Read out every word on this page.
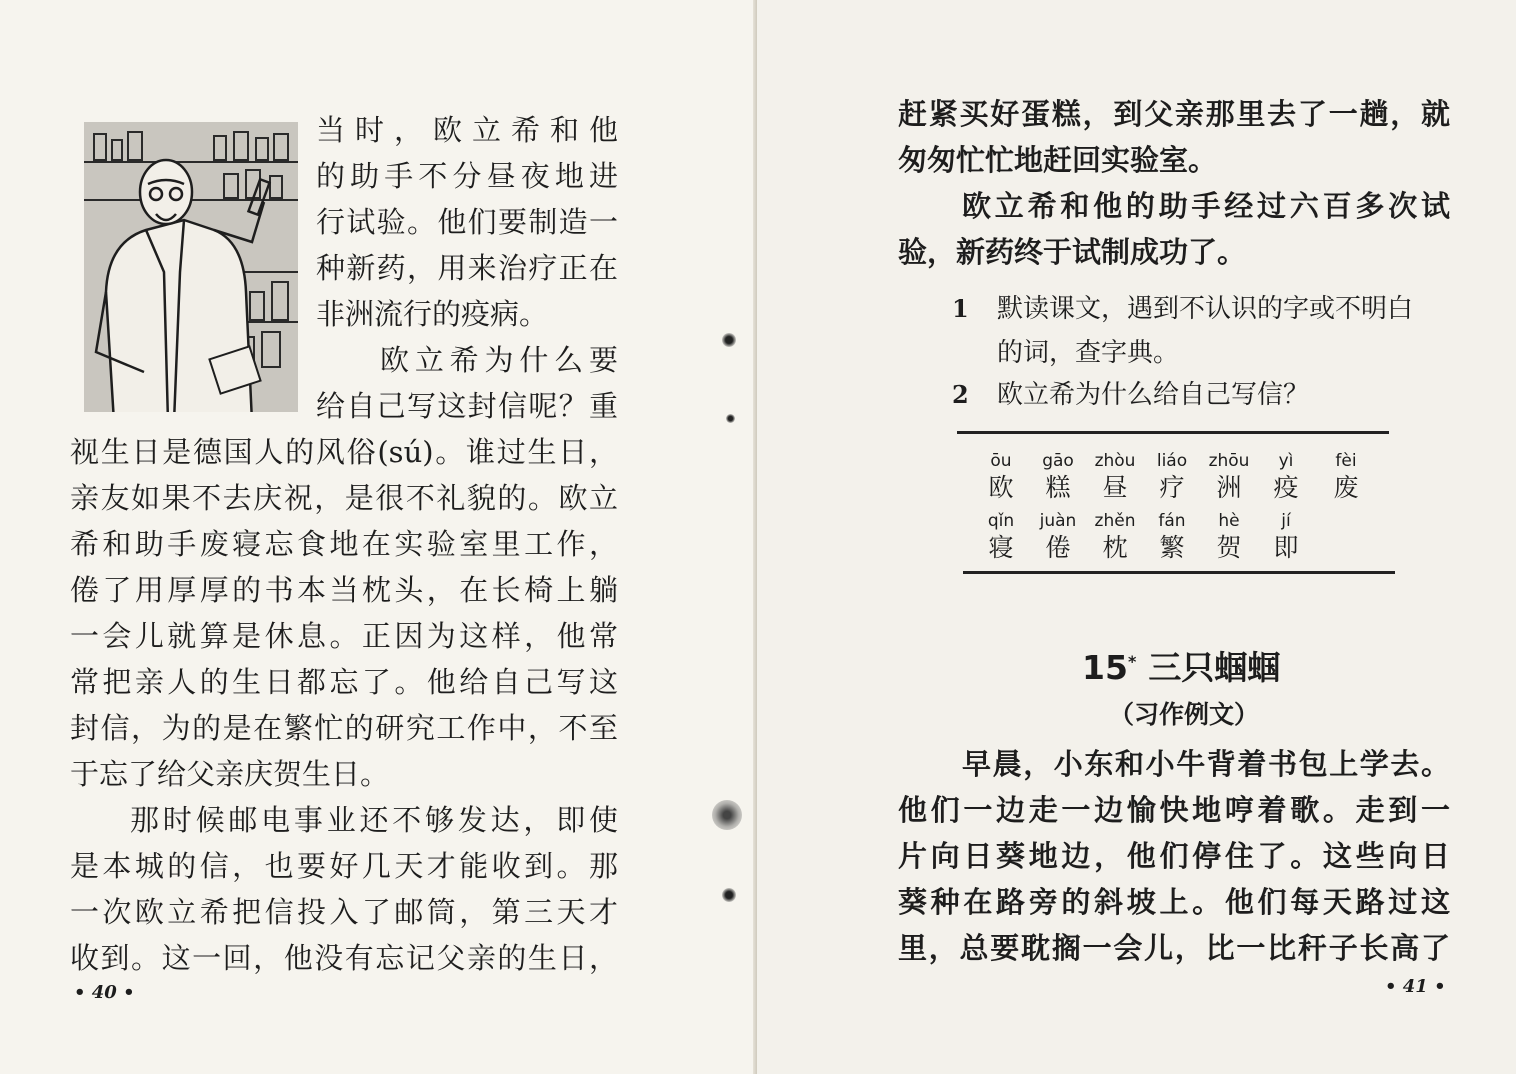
当时，欧立希和他

的助手不分昼夜地进

行试验。他们要制造一

种新药，用来治疗正在

非洲流行的疫病。

欧立希为什么要

给自己写这封信呢？重

视生日是德国人的风俗(sú)。谁过生日，

亲友如果不去庆祝，是很不礼貌的。欧立

希和助手废寝忘食地在实验室里工作，

倦了用厚厚的书本当枕头，在长椅上躺

一会儿就算是休息。正因为这样，他常

常把亲人的生日都忘了。他给自己写这

封信，为的是在繁忙的研究工作中，不至

于忘了给父亲庆贺生日。

那时候邮电事业还不够发达，即使

是本城的信，也要好几天才能收到。那

一次欧立希把信投入了邮筒，第三天才

收到。这一回，他没有忘记父亲的生日，

• 40 •

赶紧买好蛋糕，到父亲那里去了一趟，就

匆匆忙忙地赶回实验室。

欧立希和他的助手经过六百多次试

验，新药终于试制成功了。

1 默读课文，遇到不认识的字或不明白
的词，查字典。
2 欧立希为什么给自己写信？
ōu
欧
gāo
糕
zhòu
昼
liáo
疗
zhōu
洲
yì
疫
fèi
废
qǐn
寝
juàn
倦
zhěn
枕
fán
繁
hè
贺
jí
即
15* 三只蝈蝈
（习作例文）

早晨，小东和小牛背着书包上学去。

他们一边走一边愉快地哼着歌。走到一

片向日葵地边，他们停住了。这些向日

葵种在路旁的斜坡上。他们每天路过这

里，总要耽搁一会儿，比一比秆子长高了

• 41 •
